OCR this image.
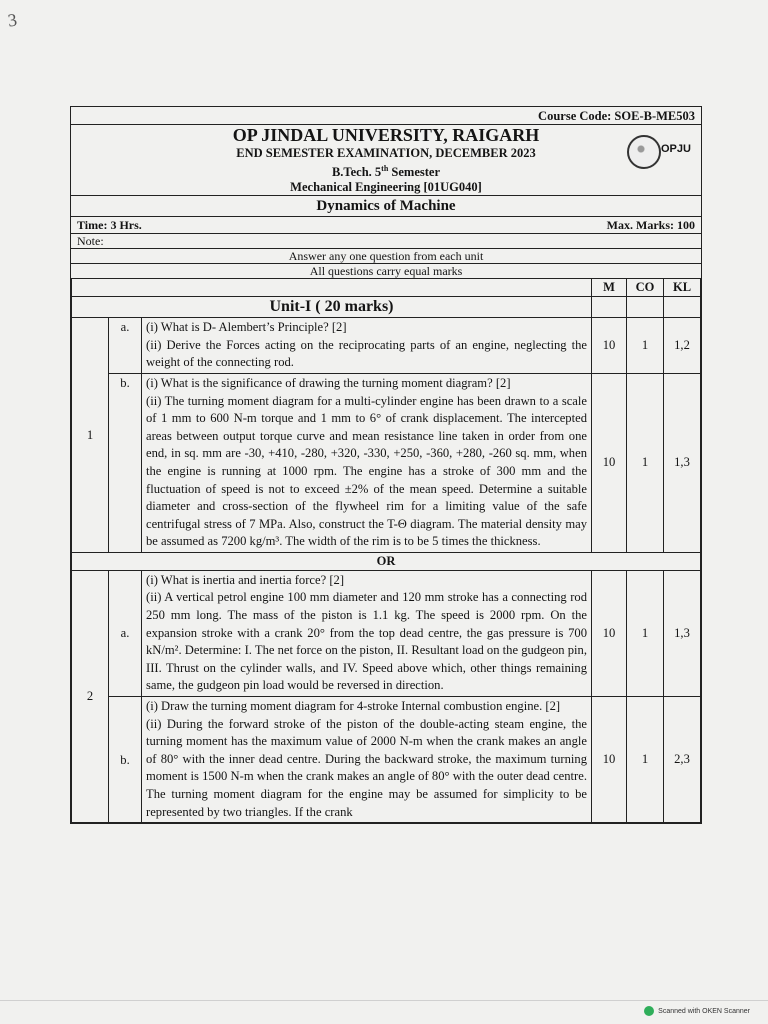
3
Course Code: SOE-B-ME503
OP JINDAL UNIVERSITY, RAIGARH
END SEMESTER EXAMINATION, DECEMBER 2023
B.Tech. 5th Semester
Mechanical Engineering [01UG040]
Dynamics of Machine
OPJU
Time: 3 Hrs.	Max. Marks: 100
Note:
Answer any one question from each unit
All questions carry equal marks
			M	CO	KL
Unit-I ( 20 marks)					
1	a.	(i) What is D- Alembert’s Principle? [2]
(ii) Derive the Forces acting on the reciprocating parts of an engine, neglecting the weight of the connecting rod.	10	1	1,2
	b.	(i) What is the significance of drawing the turning moment diagram? [2]
(ii) The turning moment diagram for a multi-cylinder engine has been drawn to a scale of 1 mm to 600 N-m torque and 1 mm to 6° of crank displacement. The intercepted areas between output torque curve and mean resistance line taken in order from one end, in sq. mm are -30, +410, -280, +320, -330, +250, -360, +280, -260 sq. mm, when the engine is running at 1000 rpm. The engine has a stroke of 300 mm and the fluctuation of speed is not to exceed ±2% of the mean speed. Determine a suitable diameter and cross-section of the flywheel rim for a limiting value of the safe centrifugal stress of 7 MPa. Also, construct the T-Θ diagram. The material density may be assumed as 7200 kg/m³. The width of the rim is to be 5 times the thickness.	10	1	1,3
OR					
2	a.	(i) What is inertia and inertia force? [2]
(ii) A vertical petrol engine 100 mm diameter and 120 mm stroke has a connecting rod 250 mm long. The mass of the piston is 1.1 kg. The speed is 2000 rpm. On the expansion stroke with a crank 20° from the top dead centre, the gas pressure is 700 kN/m². Determine: I. The net force on the piston, II. Resultant load on the gudgeon pin, III. Thrust on the cylinder walls, and IV. Speed above which, other things remaining same, the gudgeon pin load would be reversed in direction.	10	1	1,3
	b.	(i) Draw the turning moment diagram for 4-stroke Internal combustion engine. [2]
(ii) During the forward stroke of the piston of the double-acting steam engine, the turning moment has the maximum value of 2000 N-m when the crank makes an angle of 80° with the inner dead centre. During the backward stroke, the maximum turning moment is 1500 N-m when the crank makes an angle of 80° with the outer dead centre. The turning moment diagram for the engine may be assumed for simplicity to be represented by two triangles. If the crank	10	1	2,3
Scanned with OKEN Scanner
